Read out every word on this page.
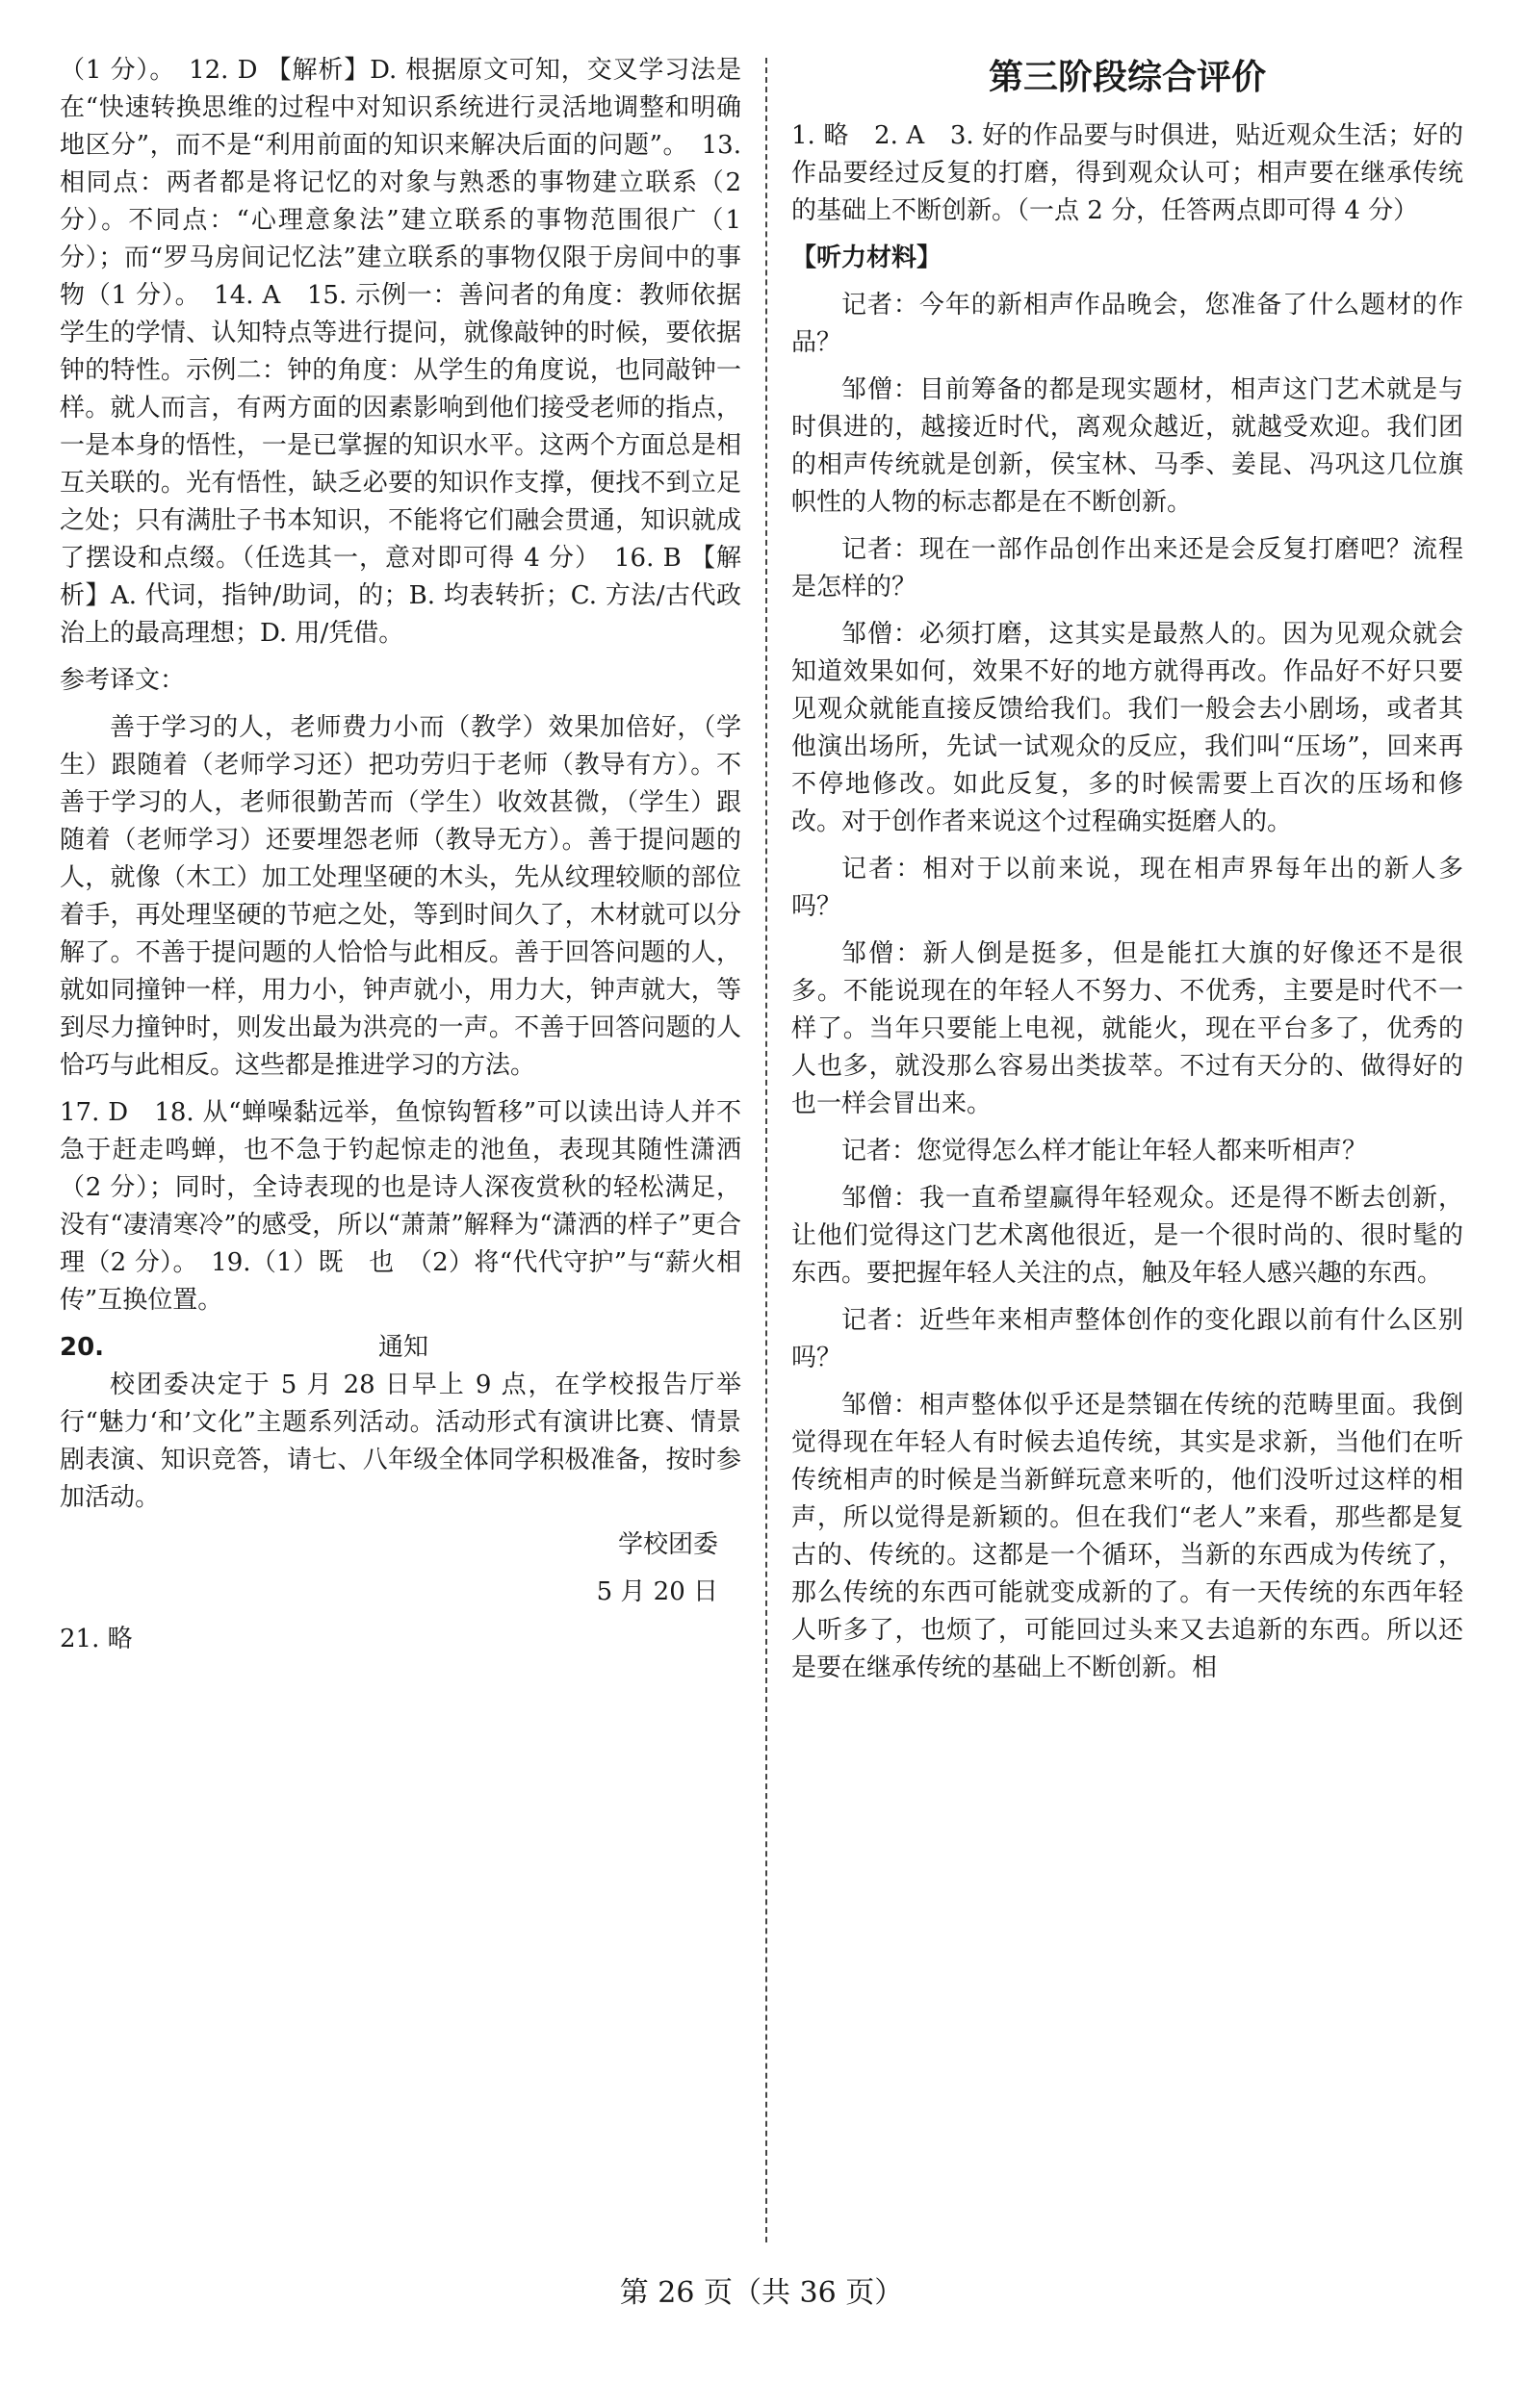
（1 分）。　12. D 【解析】D. 根据原文可知，交叉学习法是在“快速转换思维的过程中对知识系统进行灵活地调整和明确地区分”，而不是“利用前面的知识来解决后面的问题”。　13. 相同点：两者都是将记忆的对象与熟悉的事物建立联系（2 分）。不同点：“心理意象法”建立联系的事物范围很广（1 分）；而“罗马房间记忆法”建立联系的事物仅限于房间中的事物（1 分）。　14. A　15. 示例一：善问者的角度：教师依据学生的学情、认知特点等进行提问，就像敲钟的时候，要依据钟的特性。示例二：钟的角度：从学生的角度说，也同敲钟一样。就人而言，有两方面的因素影响到他们接受老师的指点，一是本身的悟性，一是已掌握的知识水平。这两个方面总是相互关联的。光有悟性，缺乏必要的知识作支撑，便找不到立足之处；只有满肚子书本知识，不能将它们融会贯通，知识就成了摆设和点缀。（任选其一，意对即可得 4 分）　16. B 【解析】A. 代词，指钟/助词，的；B. 均表转折；C. 方法/古代政治上的最高理想；D. 用/凭借。

参考译文：

善于学习的人，老师费力小而（教学）效果加倍好，（学生）跟随着（老师学习还）把功劳归于老师（教导有方）。不善于学习的人，老师很勤苦而（学生）收效甚微，（学生）跟随着（老师学习）还要埋怨老师（教导无方）。善于提问题的人，就像（木工）加工处理坚硬的木头，先从纹理较顺的部位着手，再处理坚硬的节疤之处，等到时间久了，木材就可以分解了。不善于提问题的人恰恰与此相反。善于回答问题的人，就如同撞钟一样，用力小，钟声就小，用力大，钟声就大，等到尽力撞钟时，则发出最为洪亮的一声。不善于回答问题的人恰巧与此相反。这些都是推进学习的方法。

17. D　18. 从“蝉噪黏远举，鱼惊钩暂移”可以读出诗人并不急于赶走鸣蝉，也不急于钓起惊走的池鱼，表现其随性潇洒（2 分）；同时，全诗表现的也是诗人深夜赏秋的轻松满足，没有“凄清寒冷”的感受，所以“萧萧”解释为“潇洒的样子”更合理（2 分）。　19.（1）既　也　（2）将“代代守护”与“薪火相传”互换位置。

20.	通知

校团委决定于 5 月 28 日早上 9 点，在学校报告厅举行“魅力‘和’文化”主题系列活动。活动形式有演讲比赛、情景剧表演、知识竞答，请七、八年级全体同学积极准备，按时参加活动。

学校团委

5 月 20 日

21. 略

第三阶段综合评价

1. 略　2. A　3. 好的作品要与时俱进，贴近观众生活；好的作品要经过反复的打磨，得到观众认可；相声要在继承传统的基础上不断创新。（一点 2 分，任答两点即可得 4 分）

【听力材料】

记者：今年的新相声作品晚会，您准备了什么题材的作品？

邹僧：目前筹备的都是现实题材，相声这门艺术就是与时俱进的，越接近时代，离观众越近，就越受欢迎。我们团的相声传统就是创新，侯宝林、马季、姜昆、冯巩这几位旗帜性的人物的标志都是在不断创新。

记者：现在一部作品创作出来还是会反复打磨吧？流程是怎样的？

邹僧：必须打磨，这其实是最熬人的。因为见观众就会知道效果如何，效果不好的地方就得再改。作品好不好只要见观众就能直接反馈给我们。我们一般会去小剧场，或者其他演出场所，先试一试观众的反应，我们叫“压场”，回来再不停地修改。如此反复，多的时候需要上百次的压场和修改。对于创作者来说这个过程确实挺磨人的。

记者：相对于以前来说，现在相声界每年出的新人多吗？

邹僧：新人倒是挺多，但是能扛大旗的好像还不是很多。不能说现在的年轻人不努力、不优秀，主要是时代不一样了。当年只要能上电视，就能火，现在平台多了，优秀的人也多，就没那么容易出类拔萃。不过有天分的、做得好的也一样会冒出来。

记者：您觉得怎么样才能让年轻人都来听相声？

邹僧：我一直希望赢得年轻观众。还是得不断去创新，让他们觉得这门艺术离他很近，是一个很时尚的、很时髦的东西。要把握年轻人关注的点，触及年轻人感兴趣的东西。

记者：近些年来相声整体创作的变化跟以前有什么区别吗？

邹僧：相声整体似乎还是禁锢在传统的范畴里面。我倒觉得现在年轻人有时候去追传统，其实是求新，当他们在听传统相声的时候是当新鲜玩意来听的，他们没听过这样的相声，所以觉得是新颖的。但在我们“老人”来看，那些都是复古的、传统的。这都是一个循环，当新的东西成为传统了，那么传统的东西可能就变成新的了。有一天传统的东西年轻人听多了，也烦了，可能回过头来又去追新的东西。所以还是要在继承传统的基础上不断创新。相

第 26 页（共 36 页）
